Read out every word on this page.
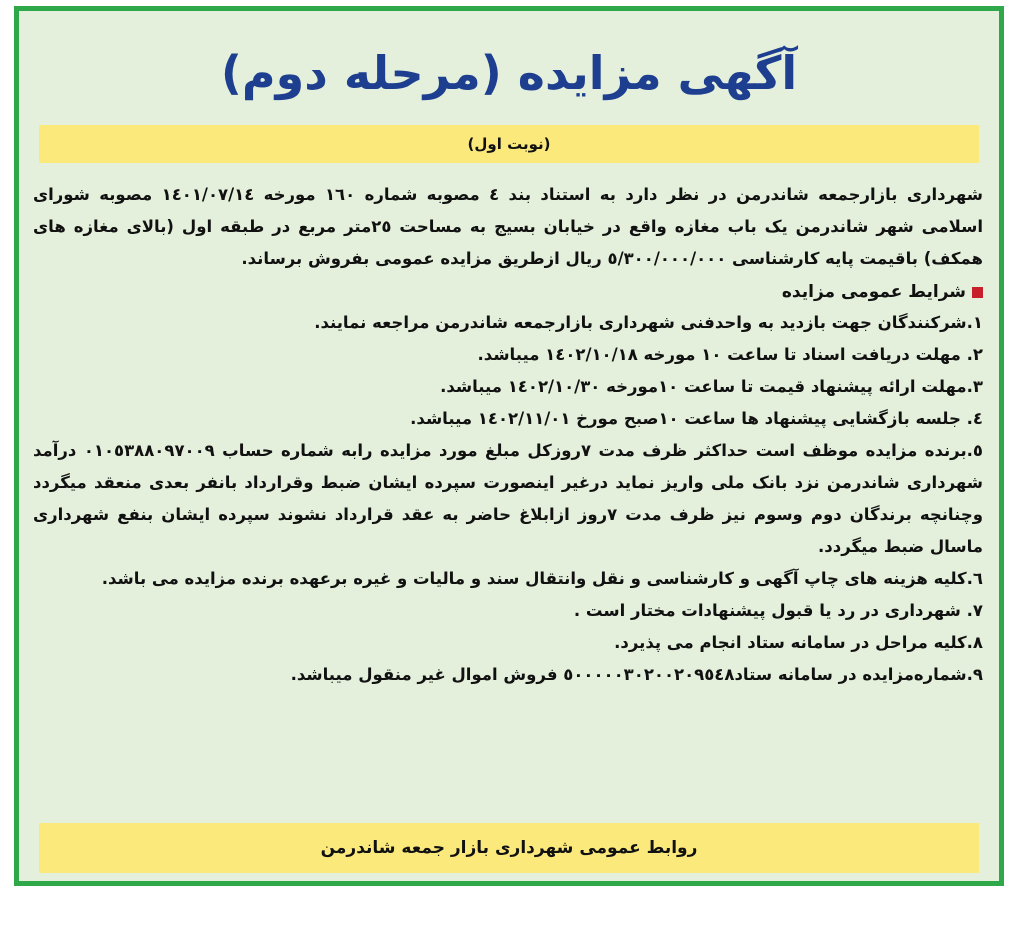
آگهی مزایده (مرحله دوم)
(نوبت اول)

شهرداری بازارجمعه شاندرمن در نظر دارد به استناد بند ٤ مصوبه شماره ١٦٠ مورخه ١٤٠١/٠٧/١٤ مصوبه شورای اسلامی شهر شاندرمن یک باب مغازه واقع در خیابان بسیج به مساحت ٢٥متر مربع در طبقه اول (بالای مغازه های همکف) باقیمت پایه کارشناسی ٥/٣٠٠/٠٠٠/٠٠٠ ریال ازطریق مزایده عمومی بفروش برساند.

شرایط عمومی مزایده
١.شرکنندگان جهت بازدید به واحدفنی شهرداری بازارجمعه شاندرمن مراجعه نمایند.
٢. مهلت دریافت اسناد تا ساعت ١٠ مورخه ١٤٠٢/١٠/١٨ میباشد.
٣.مهلت ارائه پیشنهاد قیمت تا ساعت ١٠مورخه ١٤٠٢/١٠/٣٠ میباشد.
٤. جلسه بازگشایی پیشنهاد ها ساعت ١٠صبح مورخ ١٤٠٢/١١/٠١ میباشد.
٥.برنده مزایده موظف است حداکثر ظرف مدت ٧روزکل مبلغ مورد مزایده رابه شماره حساب ٠١٠٥٣٨٨٠٩٧٠٠٩ درآمد شهرداری شاندرمن نزد بانک ملی واریز نماید درغیر اینصورت سپرده ایشان ضبط وقرارداد بانفر بعدی منعقد میگردد وچنانچه برندگان دوم وسوم نیز ظرف مدت ٧روز ازابلاغ حاضر به عقد قرارداد نشوند سپرده ایشان بنفع شهرداری ماسال ضبط میگردد.
٦.کلیه هزینه های چاپ آگهی و کارشناسی و نقل وانتقال سند و مالیات و غیره برعهده برنده مزایده می باشد.
٧. شهرداری در رد یا قبول پیشنهادات مختار است .
٨.کلیه مراحل در سامانه ستاد انجام می پذیرد.
٩.شماره‌مزایده در سامانه ستاد٥٠٠٠٠٠٣٠٢٠٠٢٠٩٥٤٨ فروش اموال غیر منقول میباشد.
روابط عمومی شهرداری بازار جمعه شاندرمن
